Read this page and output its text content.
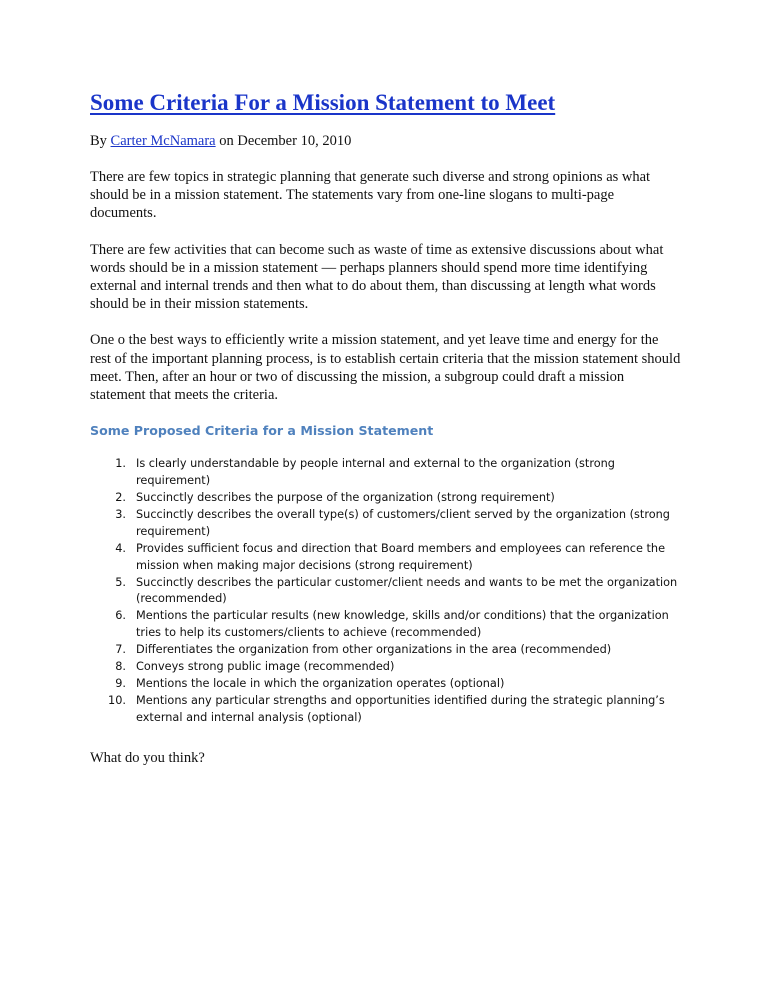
Some Criteria For a Mission Statement to Meet

By Carter McNamara on December 10, 2010

There are few topics in strategic planning that generate such diverse and strong opinions as what should be in a mission statement. The statements vary from one-line slogans to multi-page documents.

There are few activities that can become such as waste of time as extensive discussions about what words should be in a mission statement — perhaps planners should spend more time identifying external and internal trends and then what to do about them, than discussing at length what words should be in their mission statements.

One o the best ways to efficiently write a mission statement, and yet leave time and energy for the rest of the important planning process, is to establish certain criteria that the mission statement should meet. Then, after an hour or two of discussing the mission, a subgroup could draft a mission statement that meets the criteria.

Some Proposed Criteria for a Mission Statement
1. Is clearly understandable by people internal and external to the organization (strong requirement)
2. Succinctly describes the purpose of the organization (strong requirement)
3. Succinctly describes the overall type(s) of customers/client served by the organization (strong requirement)
4. Provides sufficient focus and direction that Board members and employees can reference the mission when making major decisions (strong requirement)
5. Succinctly describes the particular customer/client needs and wants to be met the organization (recommended)
6. Mentions the particular results (new knowledge, skills and/or conditions) that the organization tries to help its customers/clients to achieve (recommended)
7. Differentiates the organization from other organizations in the area (recommended)
8. Conveys strong public image (recommended)
9. Mentions the locale in which the organization operates (optional)
10. Mentions any particular strengths and opportunities identified during the strategic planning’s external and internal analysis (optional)

What do you think?
